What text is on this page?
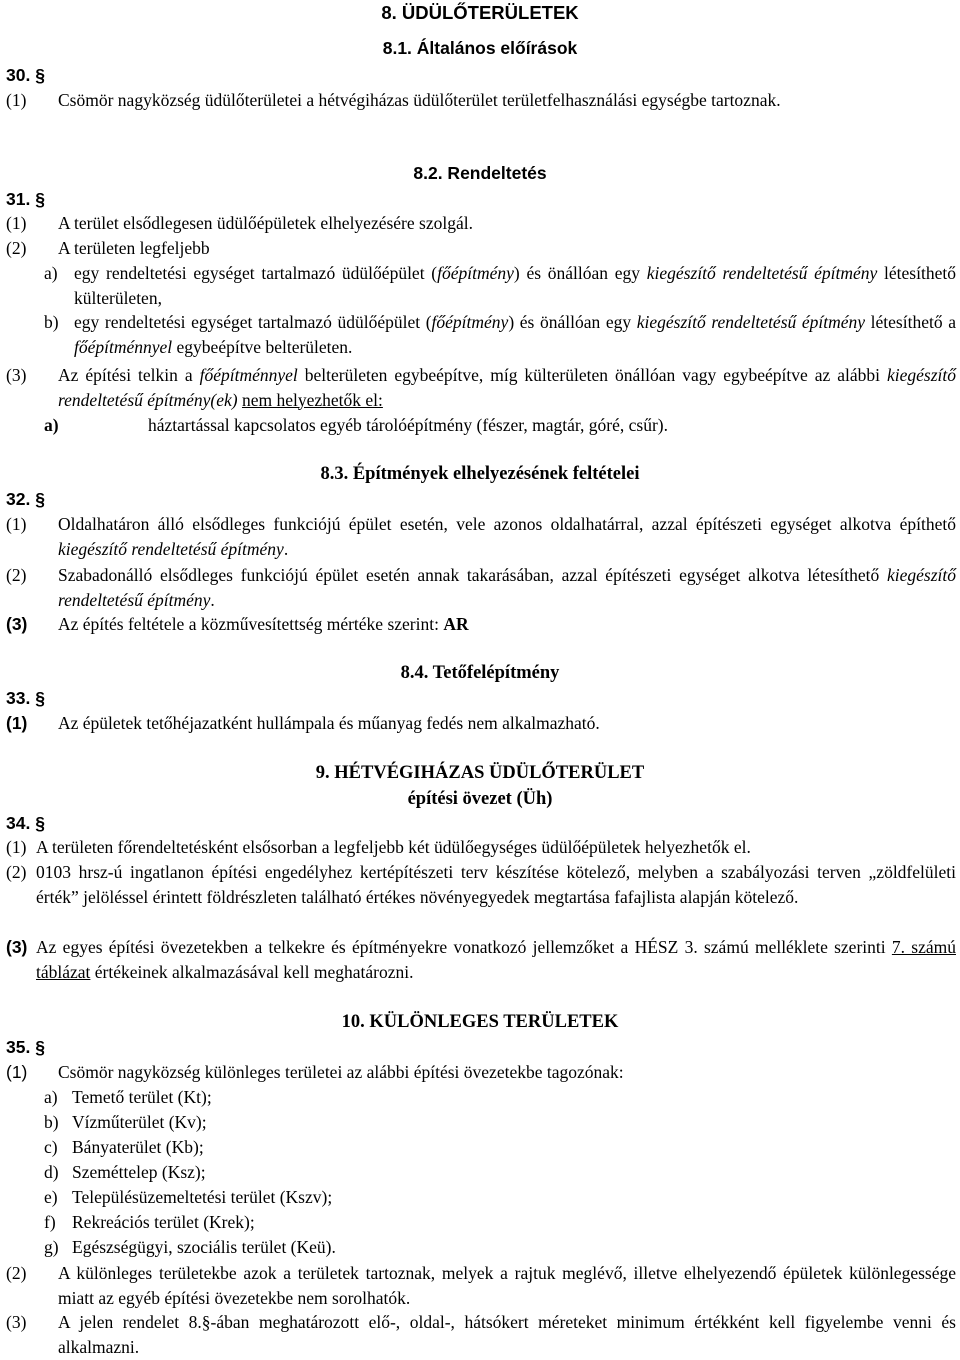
8. ÜDÜLŐTERÜLETEK
8.1. Általános előírások
30. §
(1) Csömör nagyközség üdülőterületei a hétvégiházas üdülőterület területfelhasználási egységbe tartoznak.
8.2. Rendeltetés
31. §
(1) A terület elsődlegesen üdülőépületek elhelyezésére szolgál.
(2) A területen legfeljebb
a) egy rendeltetési egységet tartalmazó üdülőépület (főépítmény) és önállóan egy kiegészítő rendeltetésű építmény létesíthető külterületen,
b) egy rendeltetési egységet tartalmazó üdülőépület (főépítmény) és önállóan egy kiegészítő rendeltetésű építmény létesíthető a főépítménnyel egybeépítve belterületen.
(3) Az építési telkin a főépítménnyel belterületen egybeépítve, míg külterületen önállóan vagy egybeépítve az alábbi kiegészítő rendeltetésű építmény(ek) nem helyezhetők el:
a)	háztartással kapcsolatos egyéb tárolóépítmény (fészer, magtár, góré, csűr).
8.3. Építmények elhelyezésének feltételei
32. §
(1) Oldalhatáron álló elsődleges funkciójú épület esetén, vele azonos oldalhatárral, azzal építészeti egységet alkotva építhető kiegészítő rendeltetésű építmény.
(2) Szabadonálló elsődleges funkciójú épület esetén annak takarásában, azzal építészeti egységet alkotva létesíthető kiegészítő rendeltetésű építmény.
(3) Az építés feltétele a közművesítettség mértéke szerint: AR
8.4. Tetőfelépítmény
33. §
(1) Az épületek tetőhéjazatként hullámpala és műanyag fedés nem alkalmazható.
9. HÉTVÉGIHÁZAS ÜDÜLŐTERÜLET
építési övezet (Üh)
34. §
(1) A területen főrendeltetésként elsősorban a legfeljebb két üdülőegységes üdülőépületek helyezhetők el.
(2) 0103 hrsz-ú ingatlanon építési engedélyhez kertépítészeti terv készítése kötelező, melyben a szabályozási terven „zöldfelületi érték” jelöléssel érintett földrészleten található értékes növényegyedek megtartása fafajlista alapján kötelező.
(3) Az egyes építési övezetekben a telkekre és építményekre vonatkozó jellemzőket a HÉSZ 3. számú melléklete szerinti 7. számú táblázat értékeinek alkalmazásával kell meghatározni.
10. KÜLÖNLEGES TERÜLETEK
35. §
(1) Csömör nagyközség különleges területei az alábbi építési övezetekbe tagozónak:
a) Temető terület (Kt);
b) Vízműterület (Kv);
c) Bányaterület (Kb);
d) Szeméttelep (Ksz);
e) Településüzemeltetési terület (Kszv);
f) Rekreációs terület (Krek);
g) Egészségügyi, szociális terület (Keü).
(2) A különleges területekbe azok a területek tartoznak, melyek a rajtuk meglévő, illetve elhelyezendő épületek különlegessége miatt az egyéb építési övezetekbe nem sorolhatók.
(3) A jelen rendelet 8.§-ában meghatározott elő-, oldal-, hátsókert méreteket minimum értékként kell figyelembe venni és alkalmazni.
